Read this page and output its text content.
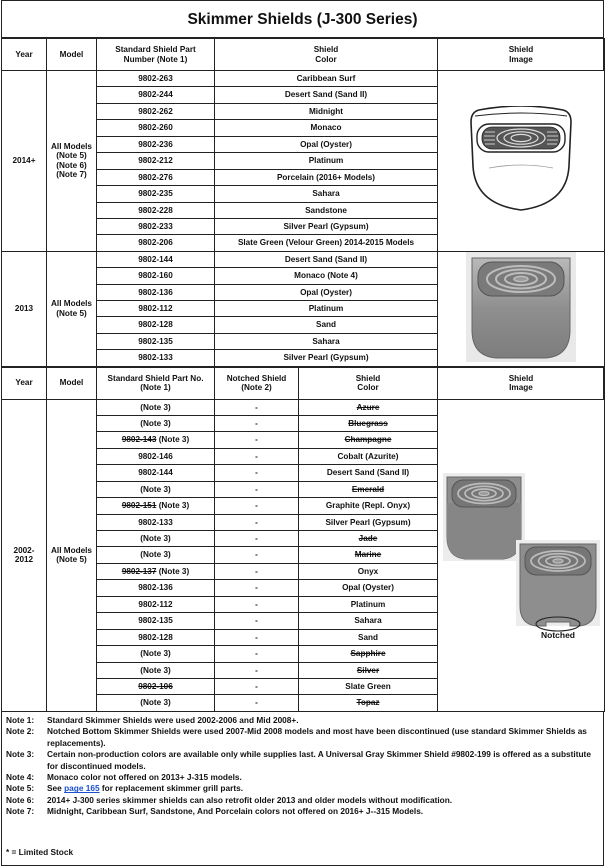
Skimmer Shields (J-300 Series)
Year	Model	Standard Shield Part Number (Note 1)	Shield Color	Shield Image
2014+	All Models (Note 5) (Note 6) (Note 7)	9802-263	Caribbean Surf	
		9802-244	Desert Sand (Sand II)	
		9802-262	Midnight	
		9802-260	Monaco	
		9802-236	Opal (Oyster)	
		9802-212	Platinum	
		9802-276	Porcelain (2016+ Models)	
		9802-235	Sahara	
		9802-228	Sandstone	
		9802-233	Silver Pearl (Gypsum)	
		9802-206	Slate Green (Velour Green) 2014-2015 Models	
2013	All Models (Note 5)	9802-144	Desert Sand (Sand II)	
		9802-160	Monaco (Note 4)	
		9802-136	Opal (Oyster)	
		9802-112	Platinum	
		9802-128	Sand	
		9802-135	Sahara	
		9802-133	Silver Pearl (Gypsum)	
Year	Model	Standard Shield Part No. (Note 1)	Notched Shield (Note 2)	Shield Color	Shield Image
2002-2012	All Models (Note 5)	(Note 3)	-	Azure	Notched

		(Note 3)	-	Bluegrass	
		9802-143 (Note 3)	-	Champagne	
		9802-146	-	Cobalt (Azurite)	
		9802-144	-	Desert Sand (Sand II)	
		(Note 3)	-	Emerald	
		9802-151 (Note 3)	-	Graphite (Repl. Onyx)	
		9802-133	-	Silver Pearl (Gypsum)	
		(Note 3)	-	Jade	
		(Note 3)	-	Marine	
		9802-137 (Note 3)	-	Onyx	
		9802-136	-	Opal (Oyster)	
		9802-112	-	Platinum	
		9802-135	-	Sahara	
		9802-128	-	Sand	
		(Note 3)	-	Sapphire	
		(Note 3)	-	Silver	
		9802-106	-	Slate Green	
		(Note 3)	-	Topaz	
Note 1:	Standard Skimmer Shields were used 2002-2006 and Mid 2008+.
Note 2:	Notched Bottom Skimmer Shields were used 2007-Mid 2008 models and most have been discontinued (use standard Skimmer Shields as replacements).
Note 3:	Certain non-production colors are available only while supplies last. A Universal Gray Skimmer Shield #9802-199 is offered as a substitute for discontinued models.
Note 4:	Monaco color not offered on 2013+ J-315 models.
Note 5:	See page 165 for replacement skimmer grill parts.
Note 6:	2014+ J-300 series skimmer shields can also retrofit older 2013 and older models without modification.
Note 7:	Midnight, Caribbean Surf, Sandstone, And Porcelain colors not offered on 2016+ J--315 Models.
* = Limited Stock
